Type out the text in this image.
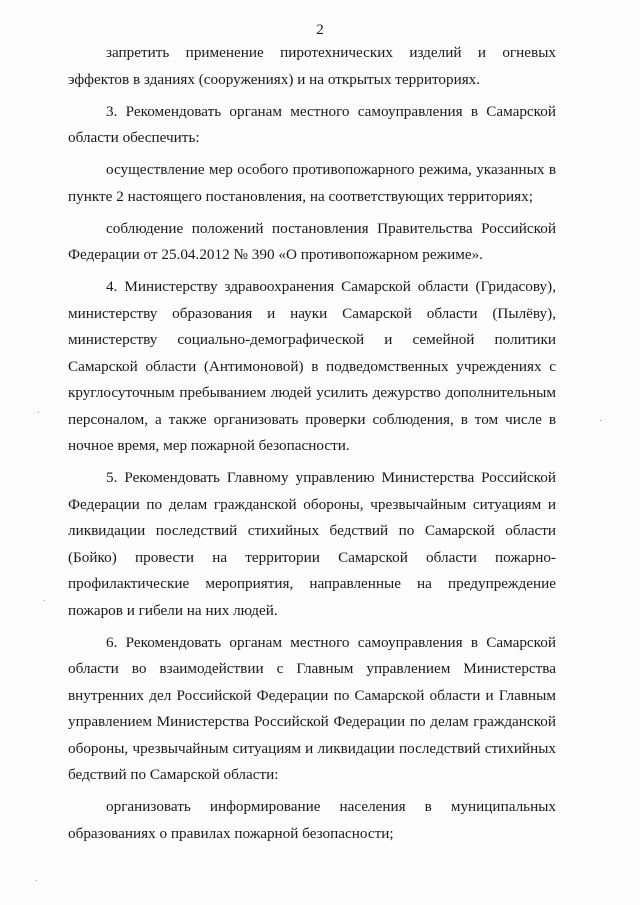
2

запретить применение пиротехнических изделий и огневых эффектов в зданиях (сооружениях) и на открытых территориях.

3. Рекомендовать органам местного самоуправления в Самарской области обеспечить:

осуществление мер особого противопожарного режима, указанных в пункте 2 настоящего постановления, на соответствующих территориях;

соблюдение положений постановления Правительства Российской Федерации от 25.04.2012 № 390 «О противопожарном режиме».

4. Министерству здравоохранения Самарской области (Гридасову), министерству образования и науки Самарской области (Пылёву), министерству социально-демографической и семейной политики Самарской области (Антимоновой) в подведомственных учреждениях с круглосуточным пребыванием людей усилить дежурство дополнительным персоналом, а также организовать проверки соблюдения, в том числе в ночное время, мер пожарной безопасности.

5. Рекомендовать Главному управлению Министерства Российской Федерации по делам гражданской обороны, чрезвычайным ситуациям и ликвидации последствий стихийных бедствий по Самарской области (Бойко) провести на территории Самарской области пожарно-профилактические мероприятия, направленные на предупреждение пожаров и гибели на них людей.

6. Рекомендовать органам местного самоуправления в Самарской области во взаимодействии с Главным управлением Министерства внутренних дел Российской Федерации по Самарской области и Главным управлением Министерства Российской Федерации по делам гражданской обороны, чрезвычайным ситуациям и ликвидации последствий стихийных бедствий по Самарской области:

организовать информирование населения в муниципальных образованиях о правилах пожарной безопасности;
